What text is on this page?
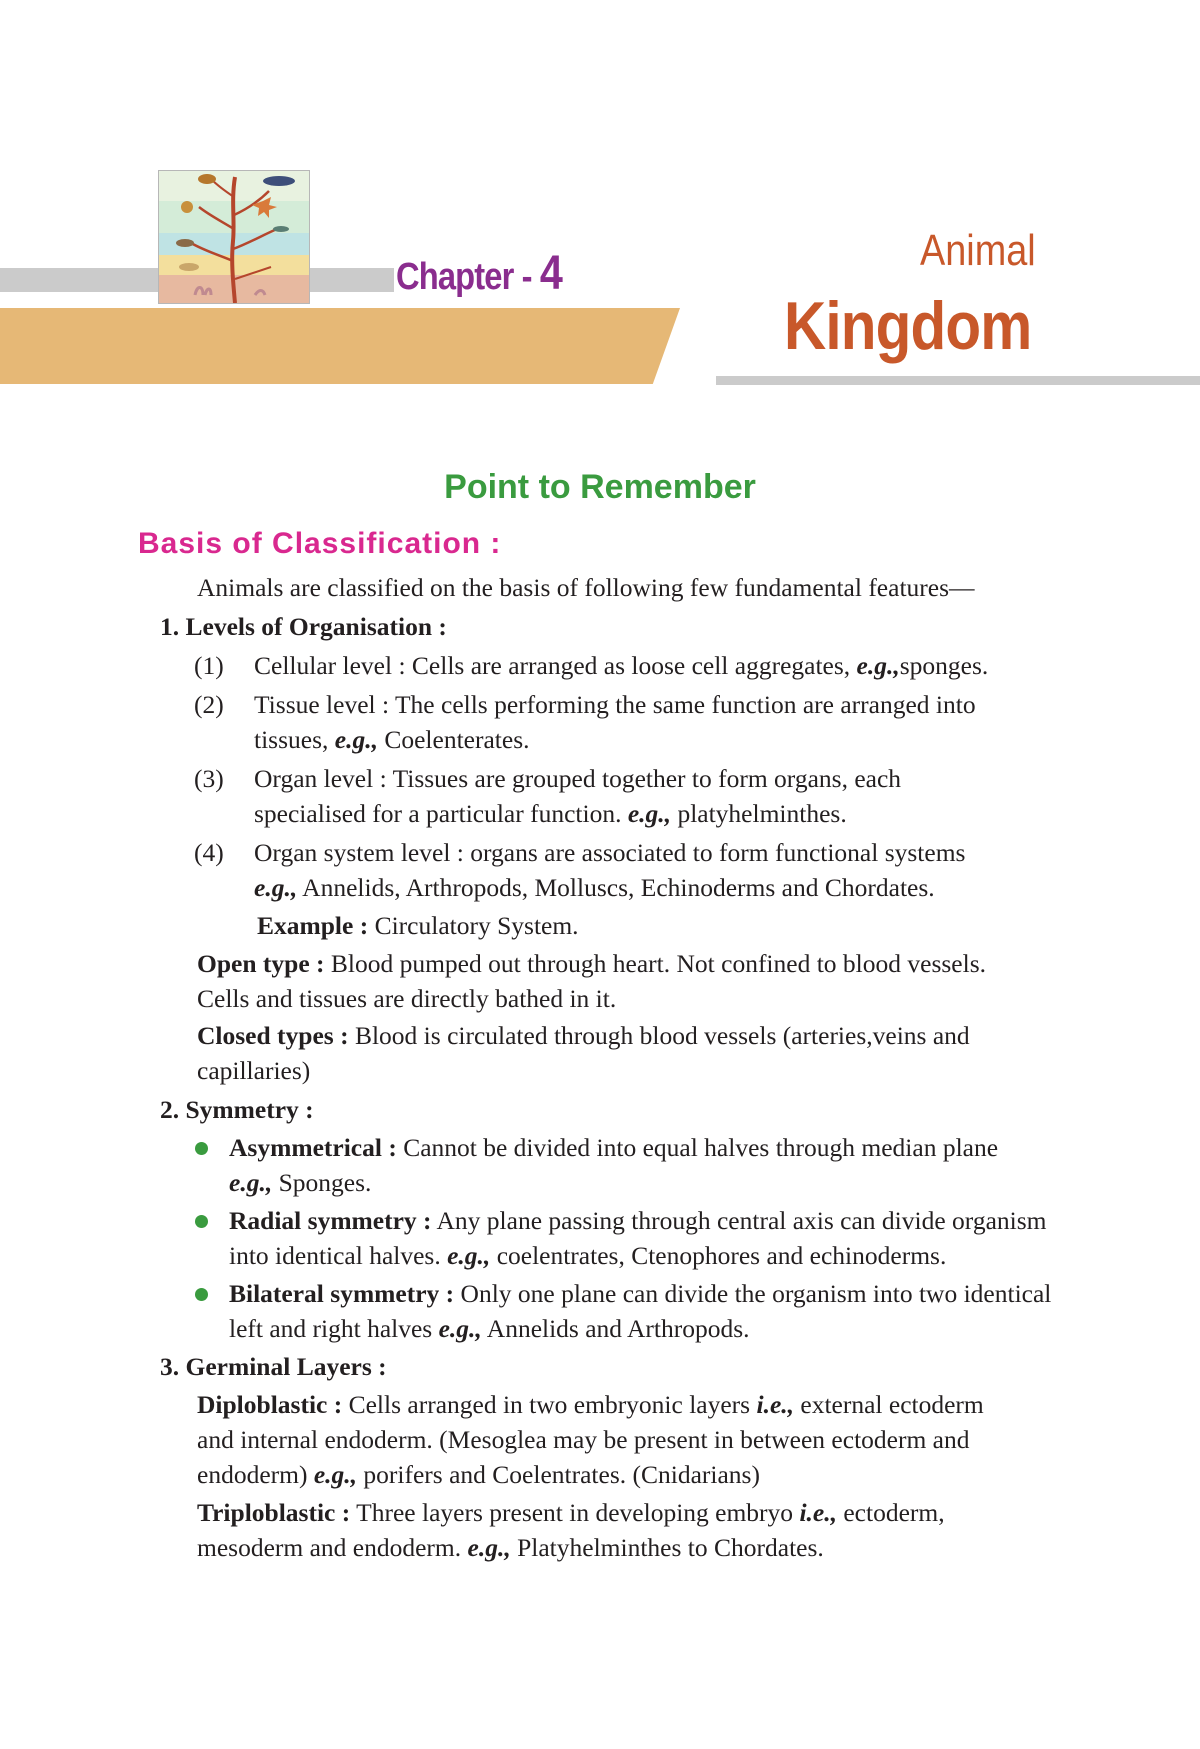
Chapter - 4	Animal
Kingdom
Point to Remember
Basis of Classification :
Animals are classified on the basis of following few fundamental features—
1. Levels of Organisation :
(1) Cellular level : Cells are arranged as loose cell aggregates, e.g.,sponges.
(2) Tissue level : The cells performing the same function are arranged into
tissues, e.g., Coelenterates.
(3) Organ level : Tissues are grouped together to form organs, each
specialised for a particular function. e.g., platyhelminthes.
(4) Organ system level : organs are associated to form functional systems
e.g., Annelids, Arthropods, Molluscs, Echinoderms and Chordates.
Example : Circulatory System.
Open type : Blood pumped out through heart. Not confined to blood vessels.
Cells and tissues are directly bathed in it.
Closed types : Blood is circulated through blood vessels (arteries,veins and
capillaries)
2. Symmetry :
Asymmetrical : Cannot be divided into equal halves through median plane
e.g., Sponges.
Radial symmetry : Any plane passing through central axis can divide organism
into identical halves. e.g., coelentrates, Ctenophores and echinoderms.
Bilateral symmetry : Only one plane can divide the organism into two identical
left and right halves e.g., Annelids and Arthropods.
3. Germinal Layers :
Diploblastic : Cells arranged in two embryonic layers i.e., external ectoderm
and internal endoderm. (Mesoglea may be present in between ectoderm and
endoderm) e.g., porifers and Coelentrates. (Cnidarians)
Triploblastic : Three layers present in developing embryo i.e., ectoderm,
mesoderm and endoderm. e.g., Platyhelminthes to Chordates.
